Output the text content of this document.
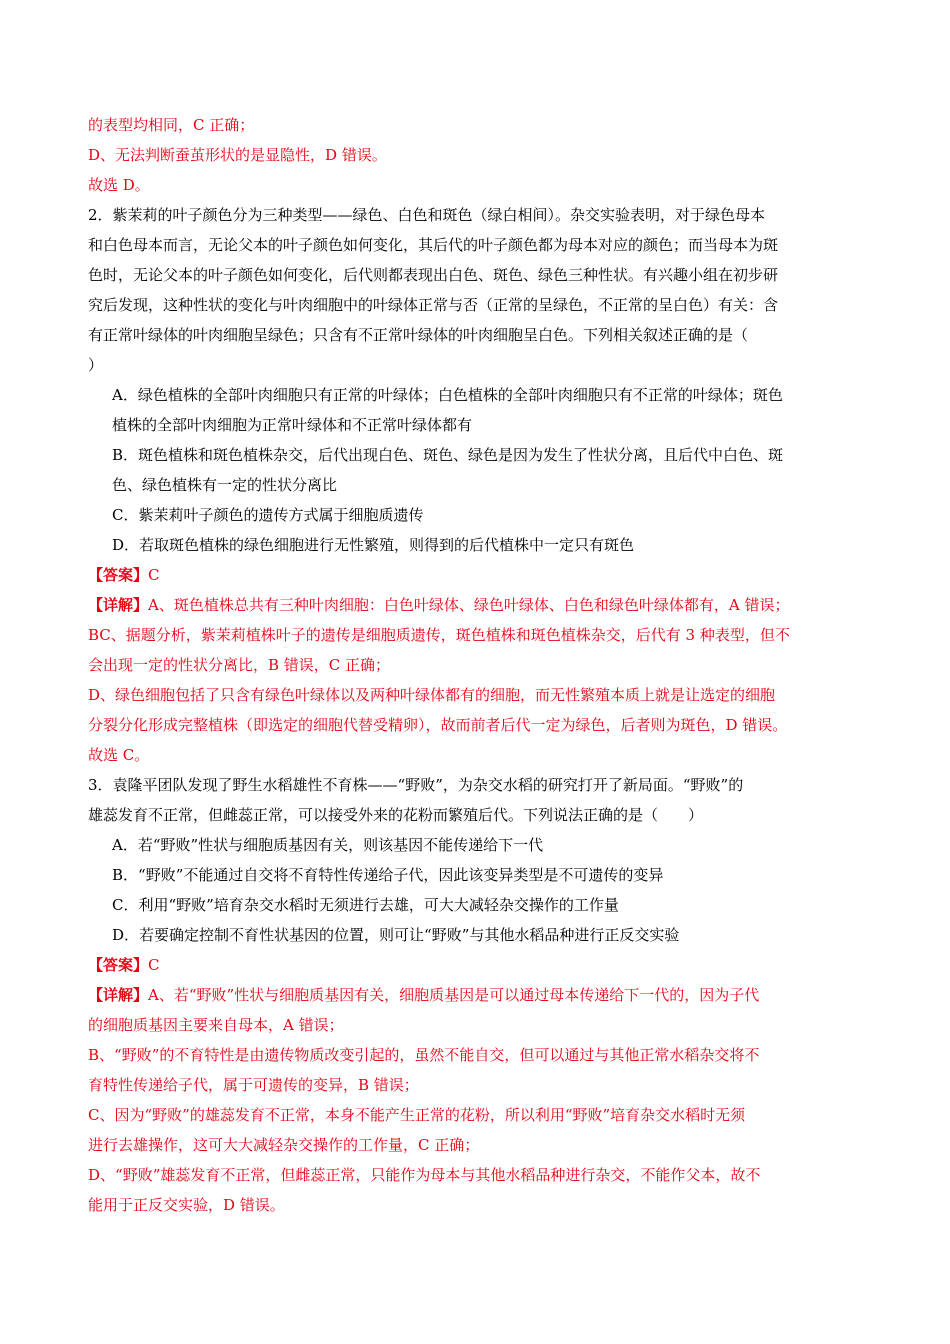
的表型均相同，C 正确；
D、无法判断蚕茧形状的是显隐性，D 错误。
故选 D。
2．紫茉莉的叶子颜色分为三种类型——绿色、白色和斑色（绿白相间）。杂交实验表明，对于绿色母本
和白色母本而言，无论父本的叶子颜色如何变化，其后代的叶子颜色都为母本对应的颜色；而当母本为斑
色时，无论父本的叶子颜色如何变化，后代则都表现出白色、斑色、绿色三种性状。有兴趣小组在初步研
究后发现，这种性状的变化与叶肉细胞中的叶绿体正常与否（正常的呈绿色，不正常的呈白色）有关：含
有正常叶绿体的叶肉细胞呈绿色；只含有不正常叶绿体的叶肉细胞呈白色。下列相关叙述正确的是（
）
A．绿色植株的全部叶肉细胞只有正常的叶绿体；白色植株的全部叶肉细胞只有不正常的叶绿体；斑色
植株的全部叶肉细胞为正常叶绿体和不正常叶绿体都有
B．斑色植株和斑色植株杂交，后代出现白色、斑色、绿色是因为发生了性状分离，且后代中白色、斑
色、绿色植株有一定的性状分离比
C．紫茉莉叶子颜色的遗传方式属于细胞质遗传
D．若取斑色植株的绿色细胞进行无性繁殖，则得到的后代植株中一定只有斑色
【答案】C
【详解】A、斑色植株总共有三种叶肉细胞：白色叶绿体、绿色叶绿体、白色和绿色叶绿体都有，A 错误；
BC、据题分析，紫茉莉植株叶子的遗传是细胞质遗传，斑色植株和斑色植株杂交，后代有 3 种表型，但不
会出现一定的性状分离比，B 错误，C 正确；
D、绿色细胞包括了只含有绿色叶绿体以及两种叶绿体都有的细胞，而无性繁殖本质上就是让选定的细胞
分裂分化形成完整植株（即选定的细胞代替受精卵），故而前者后代一定为绿色，后者则为斑色，D 错误。
故选 C。
3．袁隆平团队发现了野生水稻雄性不育株——“野败”，为杂交水稻的研究打开了新局面。“野败”的
雄蕊发育不正常，但雌蕊正常，可以接受外来的花粉而繁殖后代。下列说法正确的是（　　）
A．若“野败”性状与细胞质基因有关，则该基因不能传递给下一代
B．“野败”不能通过自交将不育特性传递给子代，因此该变异类型是不可遗传的变异
C．利用“野败”培育杂交水稻时无须进行去雄，可大大减轻杂交操作的工作量
D．若要确定控制不育性状基因的位置，则可让“野败”与其他水稻品种进行正反交实验
【答案】C
【详解】A、若“野败”性状与细胞质基因有关，细胞质基因是可以通过母本传递给下一代的，因为子代
的细胞质基因主要来自母本，A 错误；
B、“野败”的不育特性是由遗传物质改变引起的，虽然不能自交，但可以通过与其他正常水稻杂交将不
育特性传递给子代，属于可遗传的变异，B 错误；
C、因为“野败”的雄蕊发育不正常，本身不能产生正常的花粉，所以利用“野败”培育杂交水稻时无须
进行去雄操作，这可大大减轻杂交操作的工作量，C 正确；
D、“野败”雄蕊发育不正常，但雌蕊正常，只能作为母本与其他水稻品种进行杂交，不能作父本，故不
能用于正反交实验，D 错误。
